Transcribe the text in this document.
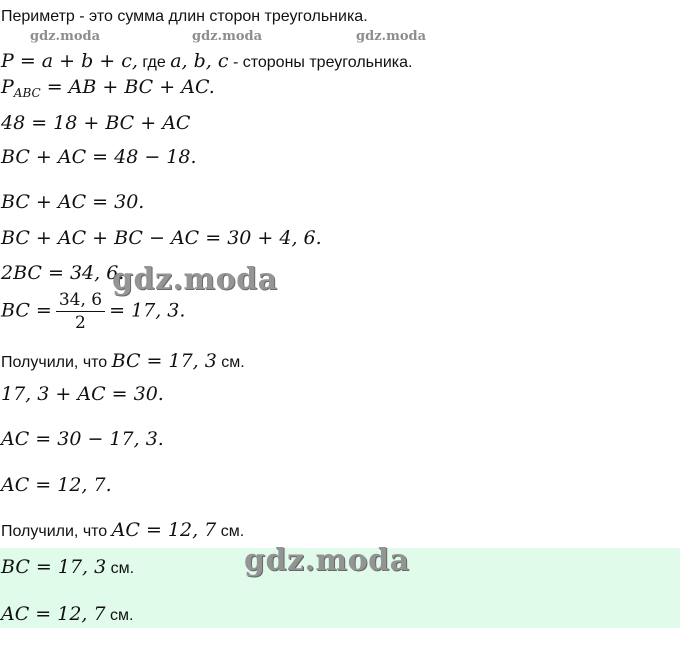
gdz.moda	gdz.moda	gdz.moda
Периметр - это сумма длин сторон треугольника.
P = a + b + c, где a, b, c - стороны треугольника.
$P_{ABC}$ = AB + BC + AC.
48 = 18 + BC + AC
BC + AC = 48 − 18.
BC + AC = 30.
BC + AC + BC − AC = 30 + 4, 6.
2BC = 34, 6.
gdz.moda
BC = $\frac{34, 6}{2} = 17$, 3.
Получили, что BC = 17, 3 см.
17, 3 + AC = 30.
AC = 30 − 17, 3.
AC = 12, 7.
Получили, что AC = 12, 7 см.
BC = 17, 3 см.	gdz.moda
AC = 12, 7 см.
